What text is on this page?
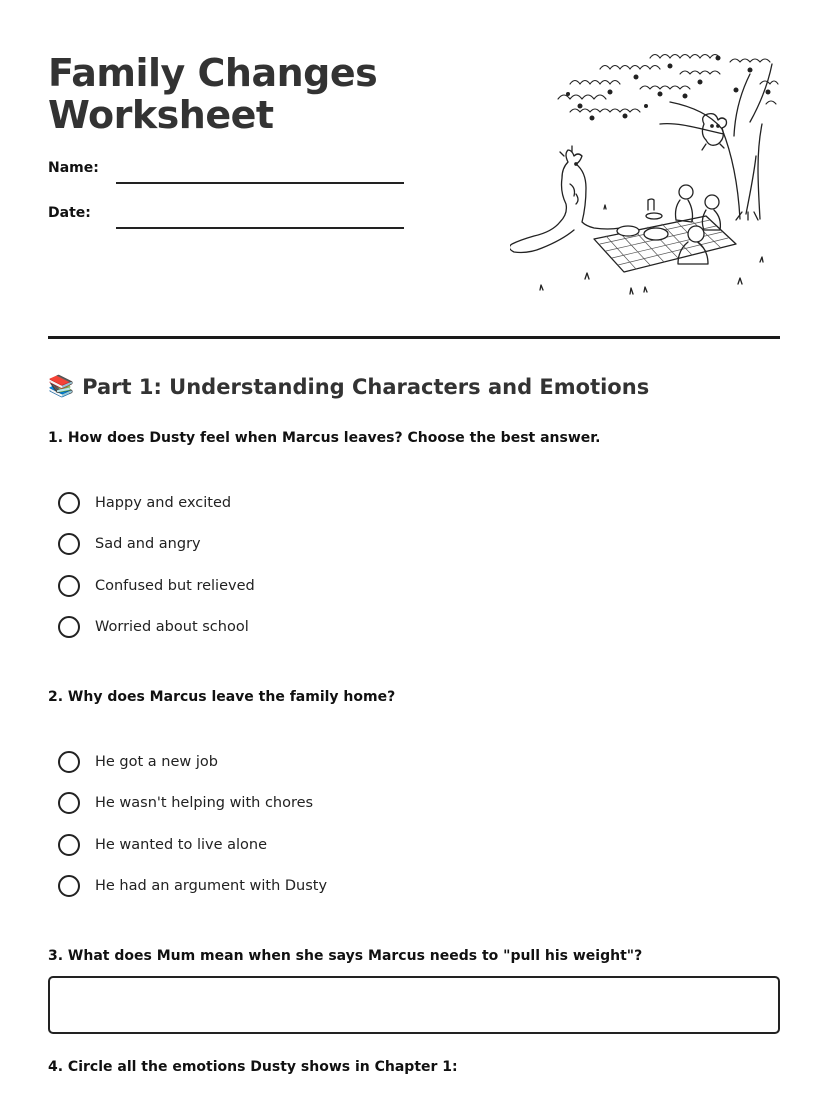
Family Changes
Worksheet
Name:
Date:
📚 Part 1: Understanding Characters and Emotions
1. How does Dusty feel when Marcus leaves? Choose the best answer.
Happy and excited
Sad and angry
Confused but relieved
Worried about school
2. Why does Marcus leave the family home?
He got a new job
He wasn't helping with chores
He wanted to live alone
He had an argument with Dusty
3. What does Mum mean when she says Marcus needs to "pull his weight"?
4. Circle all the emotions Dusty shows in Chapter 1:
